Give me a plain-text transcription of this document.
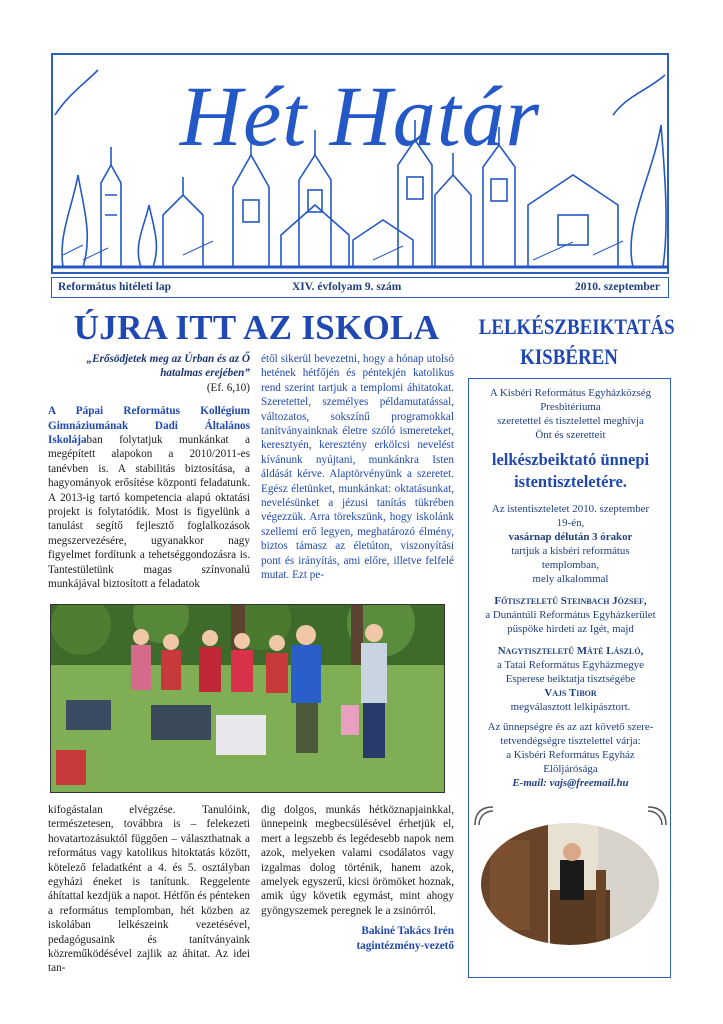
Hét Határ
Református hitéleti lap	XIV. évfolyam 9. szám	2010. szeptember
ÚJRA ITT AZ ISKOLA

„Erősödjetek meg az Úrban és az Ő

hatalmas erejében”

(Ef. 6,10)

A Pápai Református Kollégium Gimnáziumának Dadi Általános Iskolájaban folytatjuk munkánkat a megépített alapokon a 2010/2011-es tanévben is. A stabilitás biztosítása, a hagyományok erősítése központi feladatunk. A 2013-ig tartó kompetencia alapú oktatási projekt is folytatódik. Most is figyelünk a tanulást segítő fejlesztő foglalkozások megszervezésére, ugyanakkor nagy figyelmet fordítunk a tehetséggondozásra is. Tantestületünk magas színvonalú munkájával biztosított a feladatok

étől sikerül bevezetni, hogy a hónap utolsó hetének hétfőjén és péntekjén katolikus rend szerint tartjuk a templomi áhitatokat. Szeretettel, személyes példamutatással, változatos, sokszínű programokkal tanítványainknak életre szóló ismereteket, keresztyén, keresztény erkölcsi nevelést kívánunk nyújtani, munkánkra Isten áldását kérve. Alaptörvényünk a szeretet. Egész életünket, munkánkat: oktatásunkat, nevelésünket a jézusi tanítás tükrében végezzük. Arra törekszünk, hogy iskolánk szellemi erő legyen, meghatározó élmény, biztos támasz az életúton, viszonyítási pont és irányítás, ami előre, illetve felfelé mutat. Ezt pe-

kifogástalan elvégzése. Tanulóink, természetesen, továbbra is – felekezeti hovatartozásuktól függően – választhatnak a református vagy katolikus hitoktatás között, kötelező feladatként a 4. és 5. osztályban egyházi éneket is tanítunk. Reggelente áhítattal kezdjük a napot. Hétfőn és pénteken a református templomban, hét közben az iskolában lelkészeink vezetésével, pedagógusaink és tanítványaink közreműködésével zajlik az áhitat. Az idei tan-

dig dolgos, munkás hétköznapjainkkal, ünnepeink megbecsülésével érhetjük el, mert a legszebb és legédesebb napok nem azok, melyeken valami csodálatos vagy izgalmas dolog történik, hanem azok, amelyek egyszerű, kicsi örömöket hoznak, amik úgy követik egymást, mint ahogy gyöngyszemek peregnek le a zsinórról.

Bakiné Takács Irén

tagintézmény-vezető

LELKÉSZBEIKTATÁS
KISBÉREN
A Kisbéri Református Egyházközség
Presbitériuma
szeretettel és tisztelettel meghívja
Önt és szeretteit
lelkészbeiktató ünnepi
istentiszteletére.
Az istentiszteletet 2010. szeptember
19-én,
vasárnap délután 3 órakor
tartjuk a kisbéri református
templomban,
mely alkalommal
Főtiszteletű Steinbach József,
a Dunántúli Református Egyházkerület
püspöke hirdeti az Igét, majd
Nagytiszteletű Máté László,
a Tatai Református Egyházmegye
Esperese beiktatja tisztségébe
Vajs Tibor
megválasztott lelkipásztort.
Az ünnepségre és az azt követő szere-
tetvendégségre tisztelettel várja:
a Kisbéri Református Egyház
Elöljárósága
E-mail: vajs@freemail.hu
